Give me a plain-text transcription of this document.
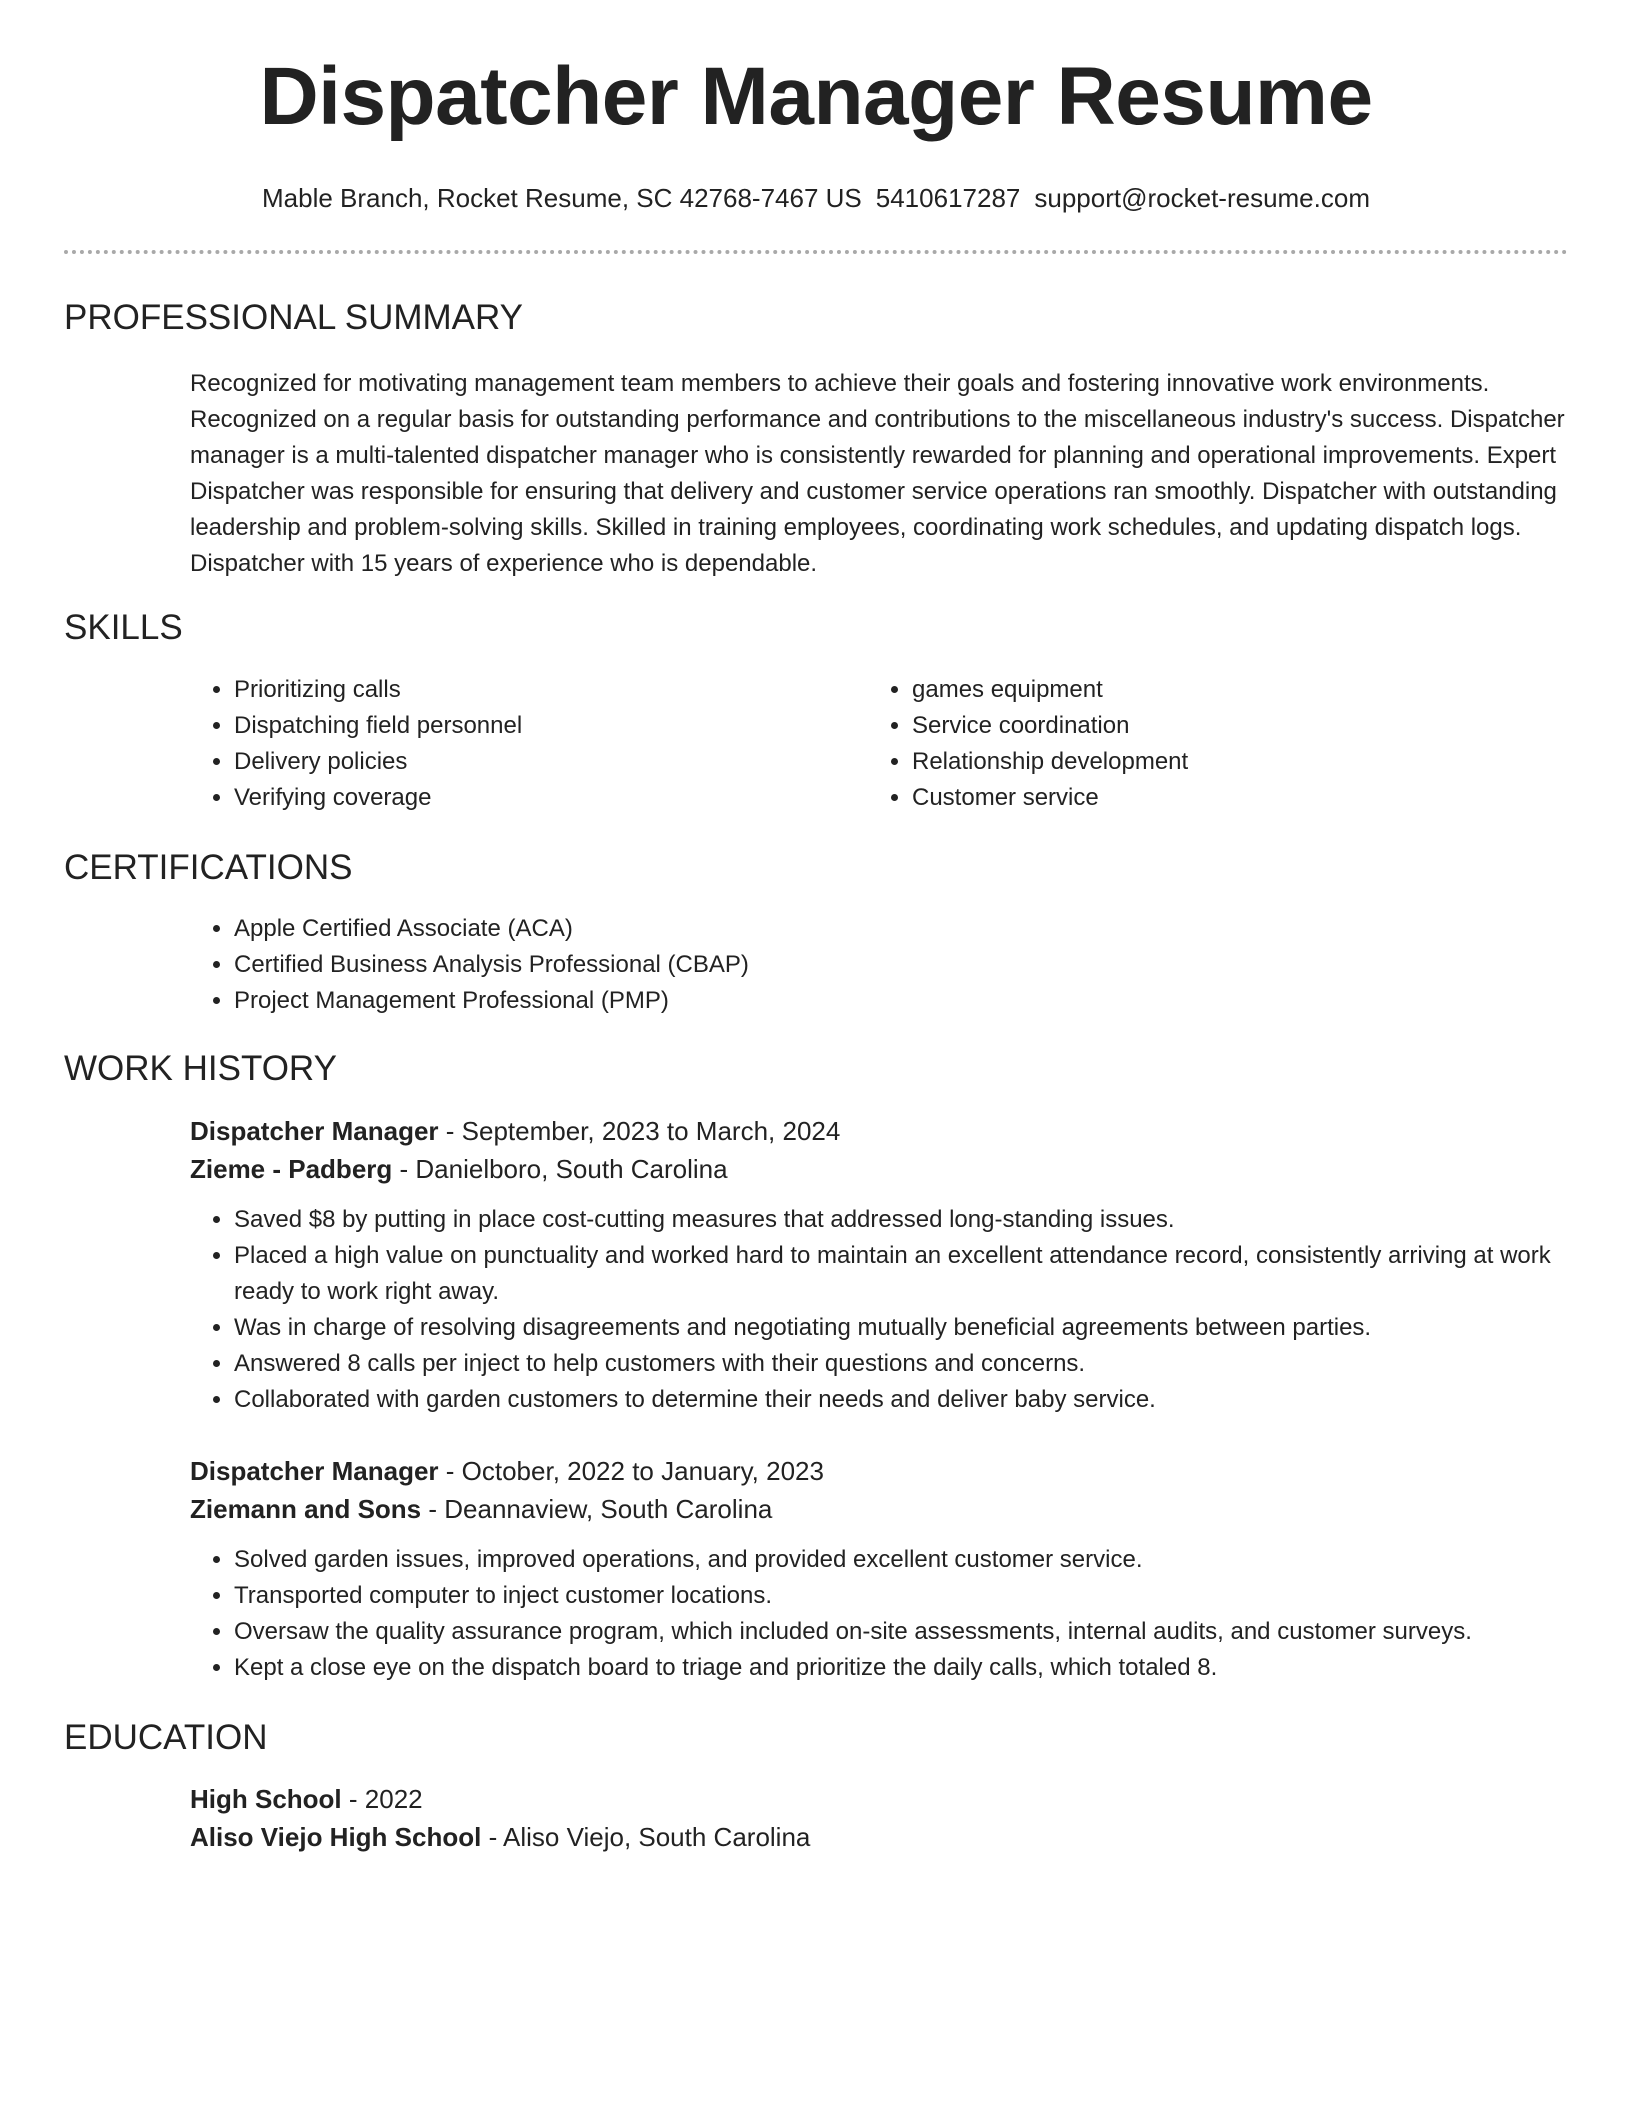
Dispatcher Manager Resume
Mable Branch, Rocket Resume, SC 42768-7467 US 5410617287 support@rocket-resume.com
PROFESSIONAL SUMMARY

Recognized for motivating management team members to achieve their goals and fostering innovative work environments. Recognized on a regular basis for outstanding performance and contributions to the miscellaneous industry's success. Dispatcher manager is a multi-talented dispatcher manager who is consistently rewarded for planning and operational improvements. Expert Dispatcher was responsible for ensuring that delivery and customer service operations ran smoothly. Dispatcher with outstanding leadership and problem-solving skills. Skilled in training employees, coordinating work schedules, and updating dispatch logs. Dispatcher with 15 years of experience who is dependable.

SKILLS
• Prioritizing calls
• Dispatching field personnel
• Delivery policies
• Verifying coverage
• games equipment
• Service coordination
• Relationship development
• Customer service
CERTIFICATIONS
• Apple Certified Associate (ACA)
• Certified Business Analysis Professional (CBAP)
• Project Management Professional (PMP)
WORK HISTORY

Dispatcher Manager - September, 2023 to March, 2024

Zieme - Padberg - Danielboro, South Carolina

• Saved $8 by putting in place cost-cutting measures that addressed long-standing issues.
• Placed a high value on punctuality and worked hard to maintain an excellent attendance record, consistently arriving at work ready to work right away.
• Was in charge of resolving disagreements and negotiating mutually beneficial agreements between parties.
• Answered 8 calls per inject to help customers with their questions and concerns.
• Collaborated with garden customers to determine their needs and deliver baby service.

Dispatcher Manager - October, 2022 to January, 2023

Ziemann and Sons - Deannaview, South Carolina

• Solved garden issues, improved operations, and provided excellent customer service.
• Transported computer to inject customer locations.
• Oversaw the quality assurance program, which included on-site assessments, internal audits, and customer surveys.
• Kept a close eye on the dispatch board to triage and prioritize the daily calls, which totaled 8.
EDUCATION

High School - 2022

Aliso Viejo High School - Aliso Viejo, South Carolina
